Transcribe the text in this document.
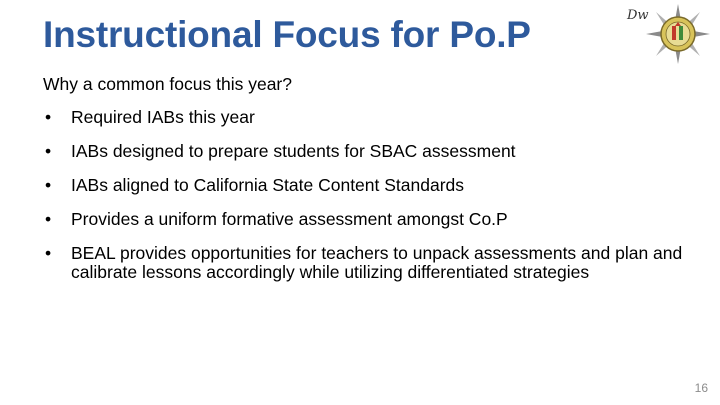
Instructional Focus for Po.P	Dw

Why a common focus this year?

• Required IABs this year
• IABs designed to prepare students for SBAC assessment
• IABs aligned to California State Content Standards
• Provides a uniform formative assessment amongst Co.P
• BEAL provides opportunities for teachers to unpack assessments and plan and calibrate lessons accordingly while utilizing differentiated strategies
16
